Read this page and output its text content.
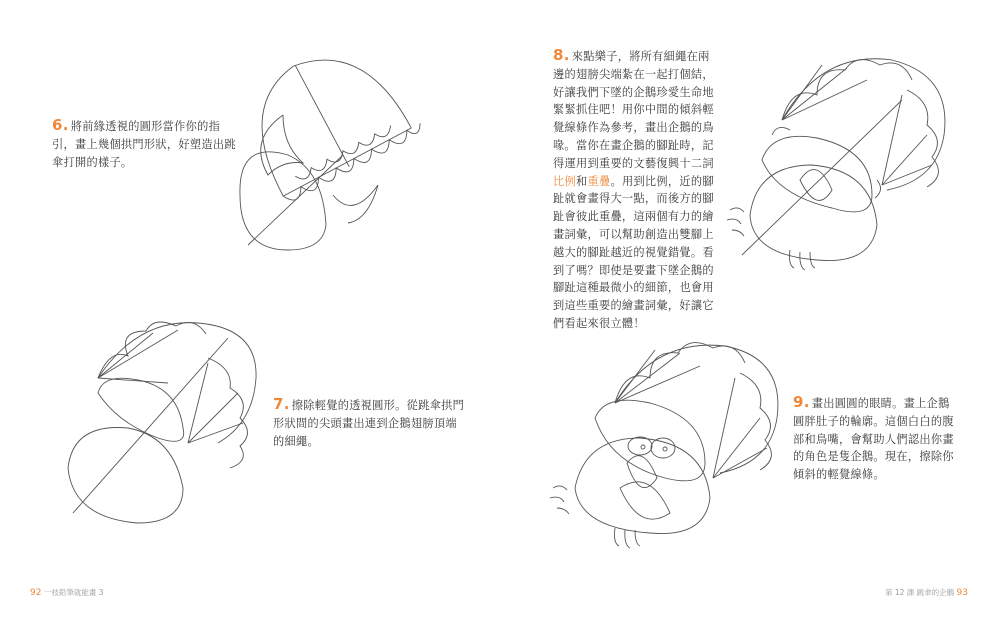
6. 將前緣透視的圓形當作你的指引，畫上幾個拱門形狀，好塑造出跳傘打開的樣子。
7. 擦除輕覺的透視圓形。從跳傘拱門形狀間的尖頭畫出連到企鵝翅膀頂端的細繩。
8. 來點樂子，將所有細繩在兩邊的翅膀尖端紮在一起打個結，好讓我們下墜的企鵝珍愛生命地緊緊抓住吧！用你中間的傾斜輕覺線條作為參考，畫出企鵝的鳥喙。當你在畫企鵝的腳趾時，記得運用到重要的文藝復興十二詞比例和重疊。用到比例，近的腳趾就會畫得大一點，而後方的腳趾會彼此重疊，這兩個有力的繪畫詞彙，可以幫助創造出雙腳上越大的腳趾越近的視覺錯覺。看到了嗎？即使是要畫下墜企鵝的腳趾這種最微小的細節，也會用到這些重要的繪畫詞彙，好讓它們看起來很立體！
9. 畫出圓圓的眼睛。畫上企鵝圓胖肚子的輪廓。這個白白的腹部和鳥嘴，會幫助人們認出你畫的角色是隻企鵝。現在，擦除你傾斜的輕覺線條。
92 一枝鉛筆就能畫 3	第 12 課 跳傘的企鵝 93
